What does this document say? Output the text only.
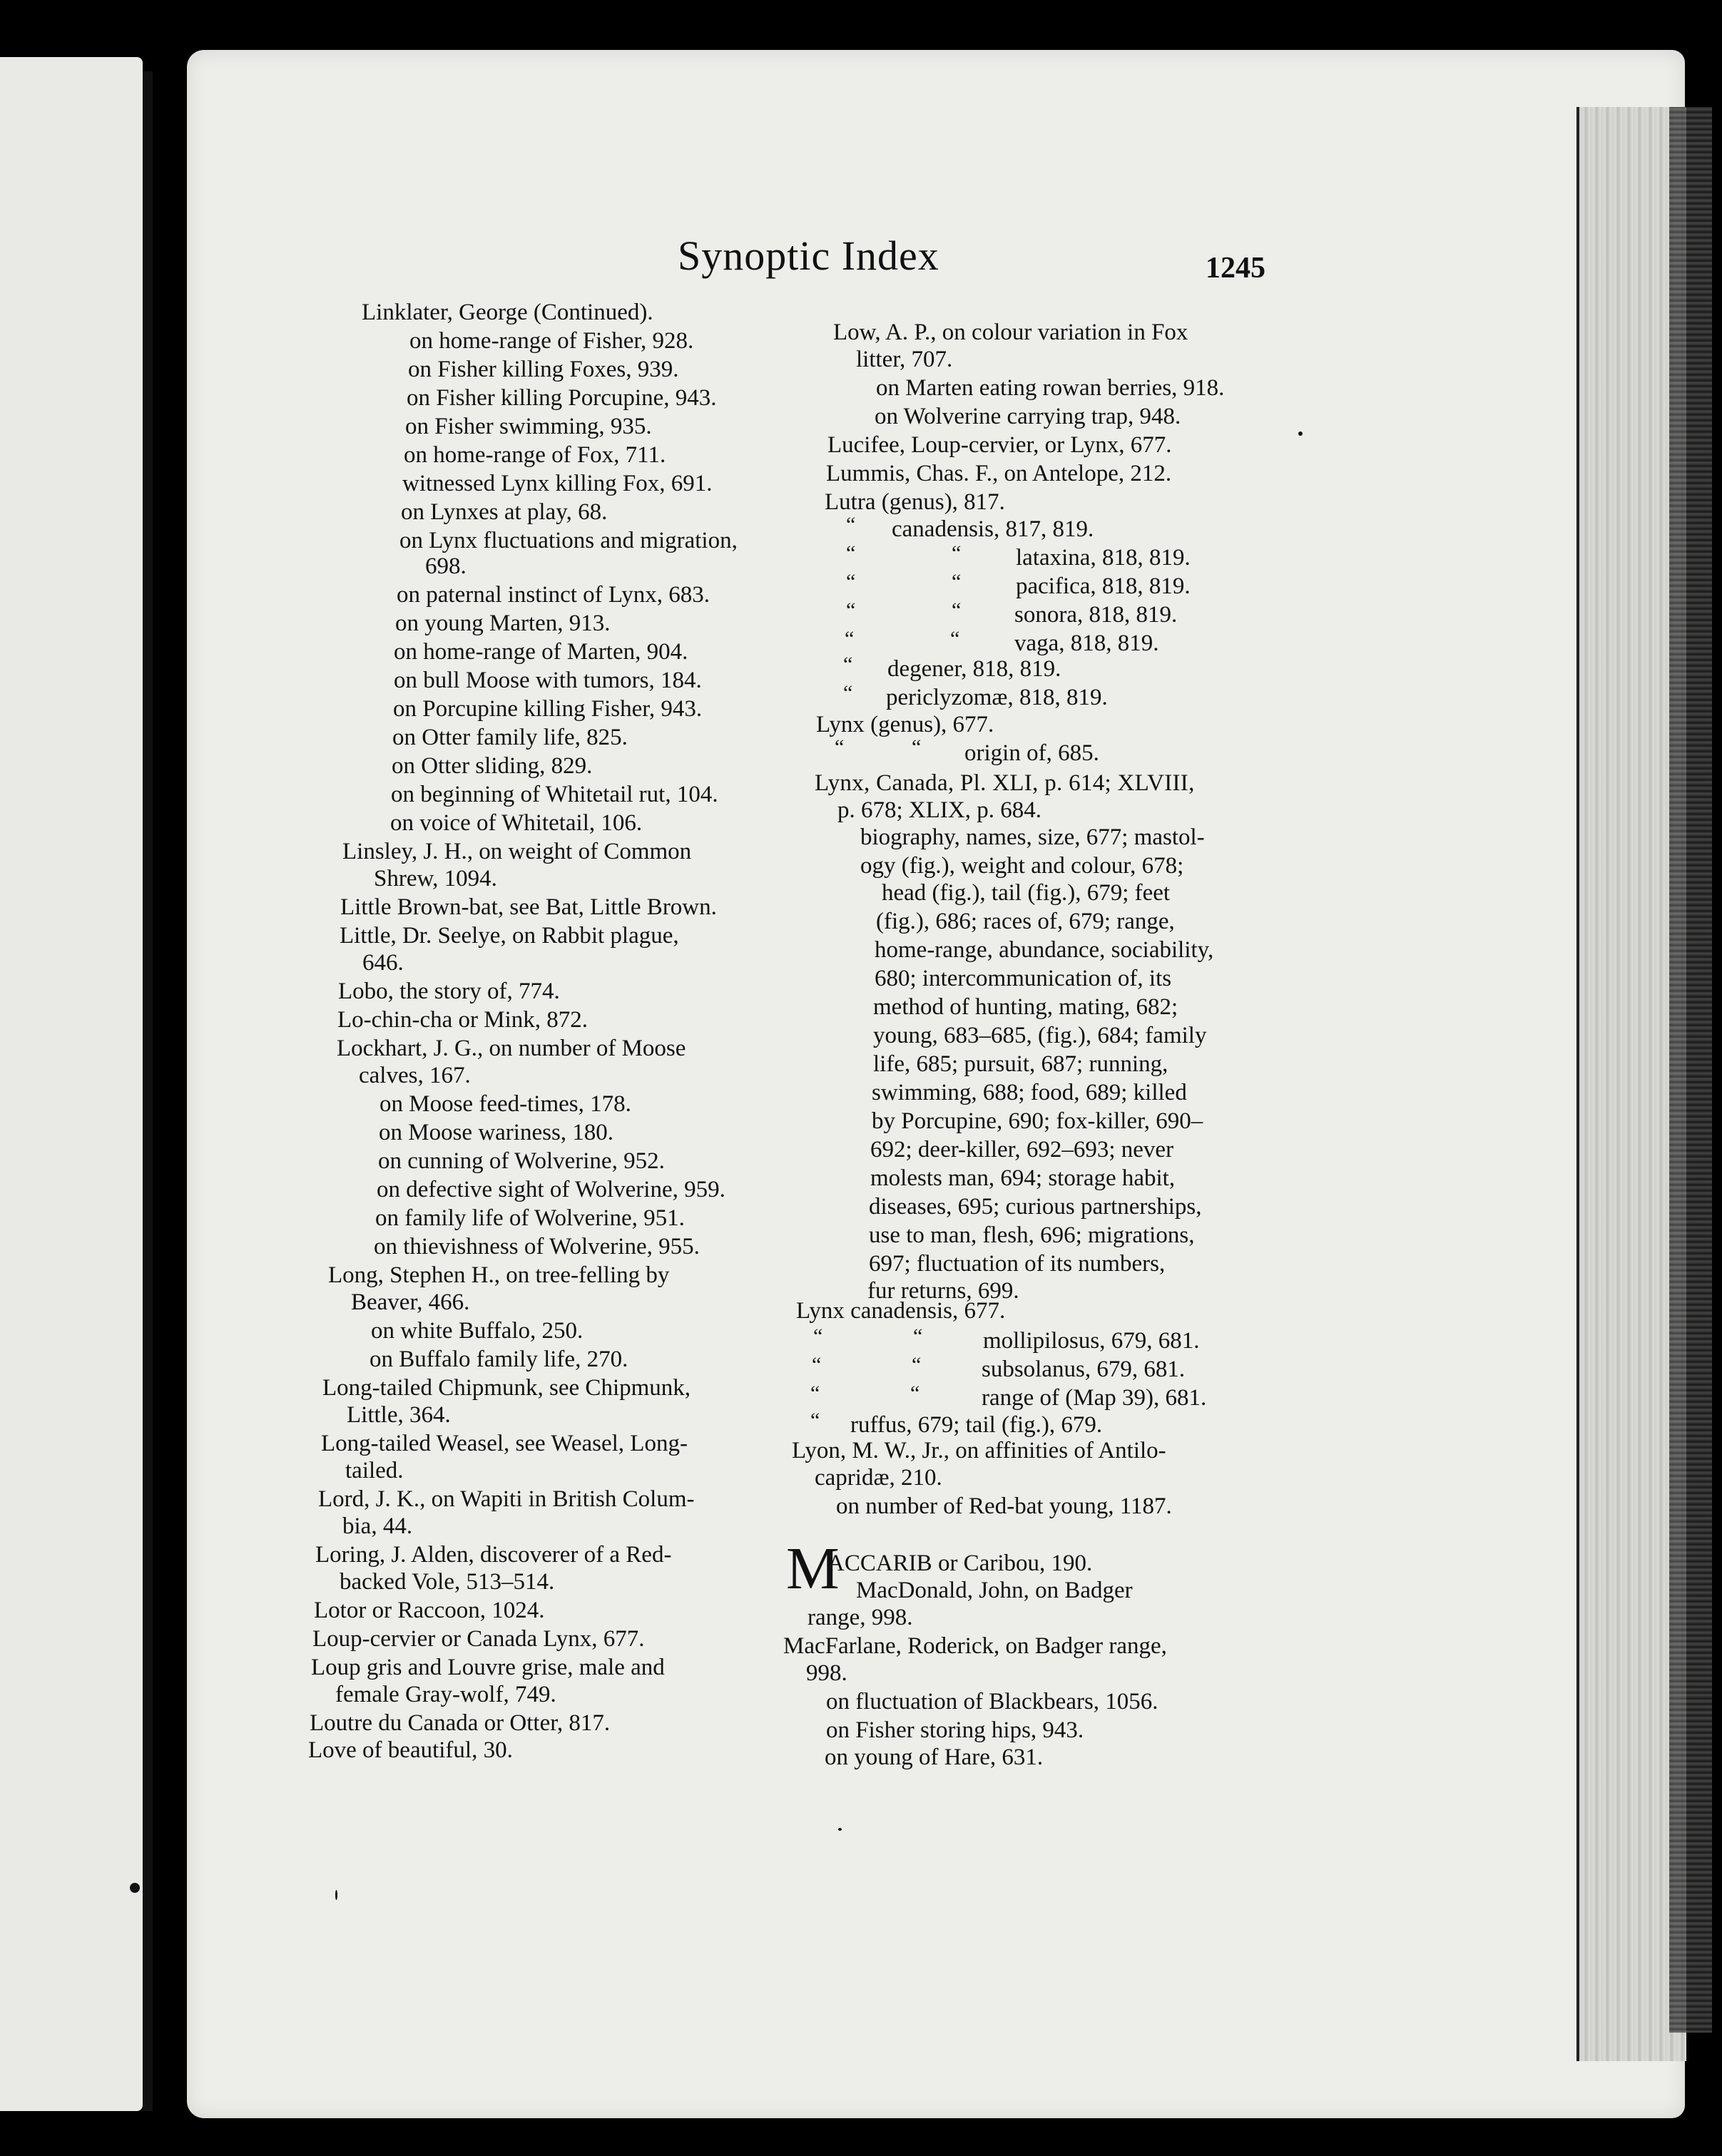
Synoptic Index	1245
Linklater, George (Continued).
on home-range of Fisher, 928.
on Fisher killing Foxes, 939.
on Fisher killing Porcupine, 943.
on Fisher swimming, 935.
on home-range of Fox, 711.
witnessed Lynx killing Fox, 691.
on Lynxes at play, 68.
on Lynx fluctuations and migration,
698.
on paternal instinct of Lynx, 683.
on young Marten, 913.
on home-range of Marten, 904.
on bull Moose with tumors, 184.
on Porcupine killing Fisher, 943.
on Otter family life, 825.
on Otter sliding, 829.
on beginning of Whitetail rut, 104.
on voice of Whitetail, 106.
Linsley, J. H., on weight of Common
Shrew, 1094.
Little Brown-bat, see Bat, Little Brown.
Little, Dr. Seelye, on Rabbit plague,
646.
Lobo, the story of, 774.
Lo-chin-cha or Mink, 872.
Lockhart, J. G., on number of Moose
calves, 167.
on Moose feed-times, 178.
on Moose wariness, 180.
on cunning of Wolverine, 952.
on defective sight of Wolverine, 959.
on family life of Wolverine, 951.
on thievishness of Wolverine, 955.
Long, Stephen H., on tree-felling by
Beaver, 466.
on white Buffalo, 250.
on Buffalo family life, 270.
Long-tailed Chipmunk, see Chipmunk,
Little, 364.
Long-tailed Weasel, see Weasel, Long-
tailed.
Lord, J. K., on Wapiti in British Colum-
bia, 44.
Loring, J. Alden, discoverer of a Red-
backed Vole, 513–514.
Lotor or Raccoon, 1024.
Loup-cervier or Canada Lynx, 677.
Loup gris and Louvre grise, male and
female Gray-wolf, 749.
Loutre du Canada or Otter, 817.
Love of beautiful, 30.
Low, A. P., on colour variation in Fox
litter, 707.
on Marten eating rowan berries, 918.
on Wolverine carrying trap, 948.
Lucifee, Loup-cervier, or Lynx, 677.
Lummis, Chas. F., on Antelope, 212.
Lutra (genus), 817.
“ canadensis, 817, 819.
“	“ lataxina, 818, 819.
“	“ pacifica, 818, 819.
“	“ sonora, 818, 819.
“	“ vaga, 818, 819.
“ degener, 818, 819.
“ periclyzomæ, 818, 819.
Lynx (genus), 677.
“	“ origin of, 685.
Lynx, Canada, Pl. XLI, p. 614; XLVIII,
p. 678; XLIX, p. 684.
biography, names, size, 677; mastol-
ogy (fig.), weight and colour, 678;
head (fig.), tail (fig.), 679; feet
(fig.), 686; races of, 679; range,
home-range, abundance, sociability,
680; intercommunication of, its
method of hunting, mating, 682;
young, 683–685, (fig.), 684; family
life, 685; pursuit, 687; running,
swimming, 688; food, 689; killed
by Porcupine, 690; fox-killer, 690–
692; deer-killer, 692–693; never
molests man, 694; storage habit,
diseases, 695; curious partnerships,
use to man, flesh, 696; migrations,
697; fluctuation of its numbers,
fur returns, 699.
Lynx canadensis, 677.
“	“	mollipilosus, 679, 681.
“	“	subsolanus, 679, 681.
“	“	range of (Map 39), 681.
“ ruffus, 679; tail (fig.), 679.
Lyon, M. W., Jr., on affinities of Antilo-
capridæ, 210.
on number of Red-bat young, 1187.
M
ACCARIB or Caribou, 190.
MacDonald, John, on Badger
range, 998.
MacFarlane, Roderick, on Badger range,
998.
on fluctuation of Blackbears, 1056.
on Fisher storing hips, 943.
on young of Hare, 631.
